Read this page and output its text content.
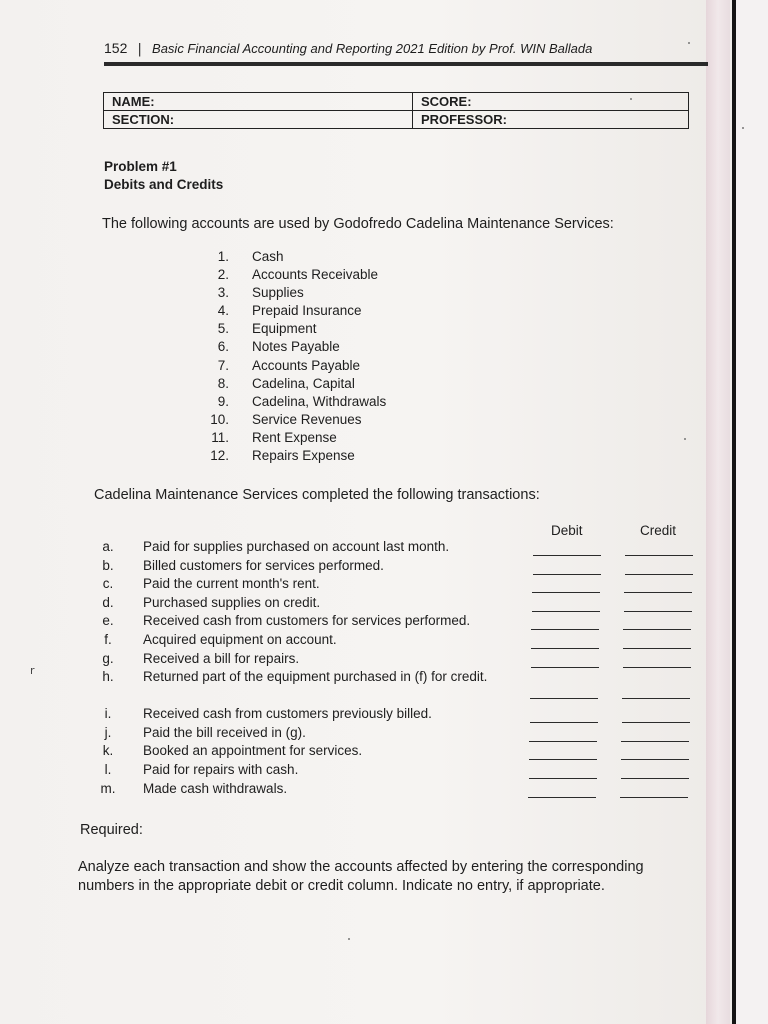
152 | Basic Financial Accounting and Reporting 2021 Edition by Prof. WIN Ballada
NAME:	SCORE:
SECTION:	PROFESSOR:
Problem #1
Debits and Credits
The following accounts are used by Godofredo Cadelina Maintenance Services:
1. Cash
2. Accounts Receivable
3. Supplies
4. Prepaid Insurance
5. Equipment
6. Notes Payable
7. Accounts Payable
8. Cadelina, Capital
9. Cadelina, Withdrawals
10. Service Revenues
11. Rent Expense
12. Repairs Expense
Cadelina Maintenance Services completed the following transactions:
Debit	Credit
a.	Paid for supplies purchased on account last month.
b.	Billed customers for services performed.
c.	Paid the current month's rent.
d.	Purchased supplies on credit.
e.	Received cash from customers for services performed.
f.	Acquired equipment on account.
g.	Received a bill for repairs.
h.	Returned part of the equipment purchased in (f) for credit.
i.	Received cash from customers previously billed.
j.	Paid the bill received in (g).
k.	Booked an appointment for services.
l.	Paid for repairs with cash.
m.	Made cash withdrawals.
Required:
Analyze each transaction and show the accounts affected by entering the corresponding numbers in the appropriate debit or credit column. Indicate no entry, if appropriate.
r
